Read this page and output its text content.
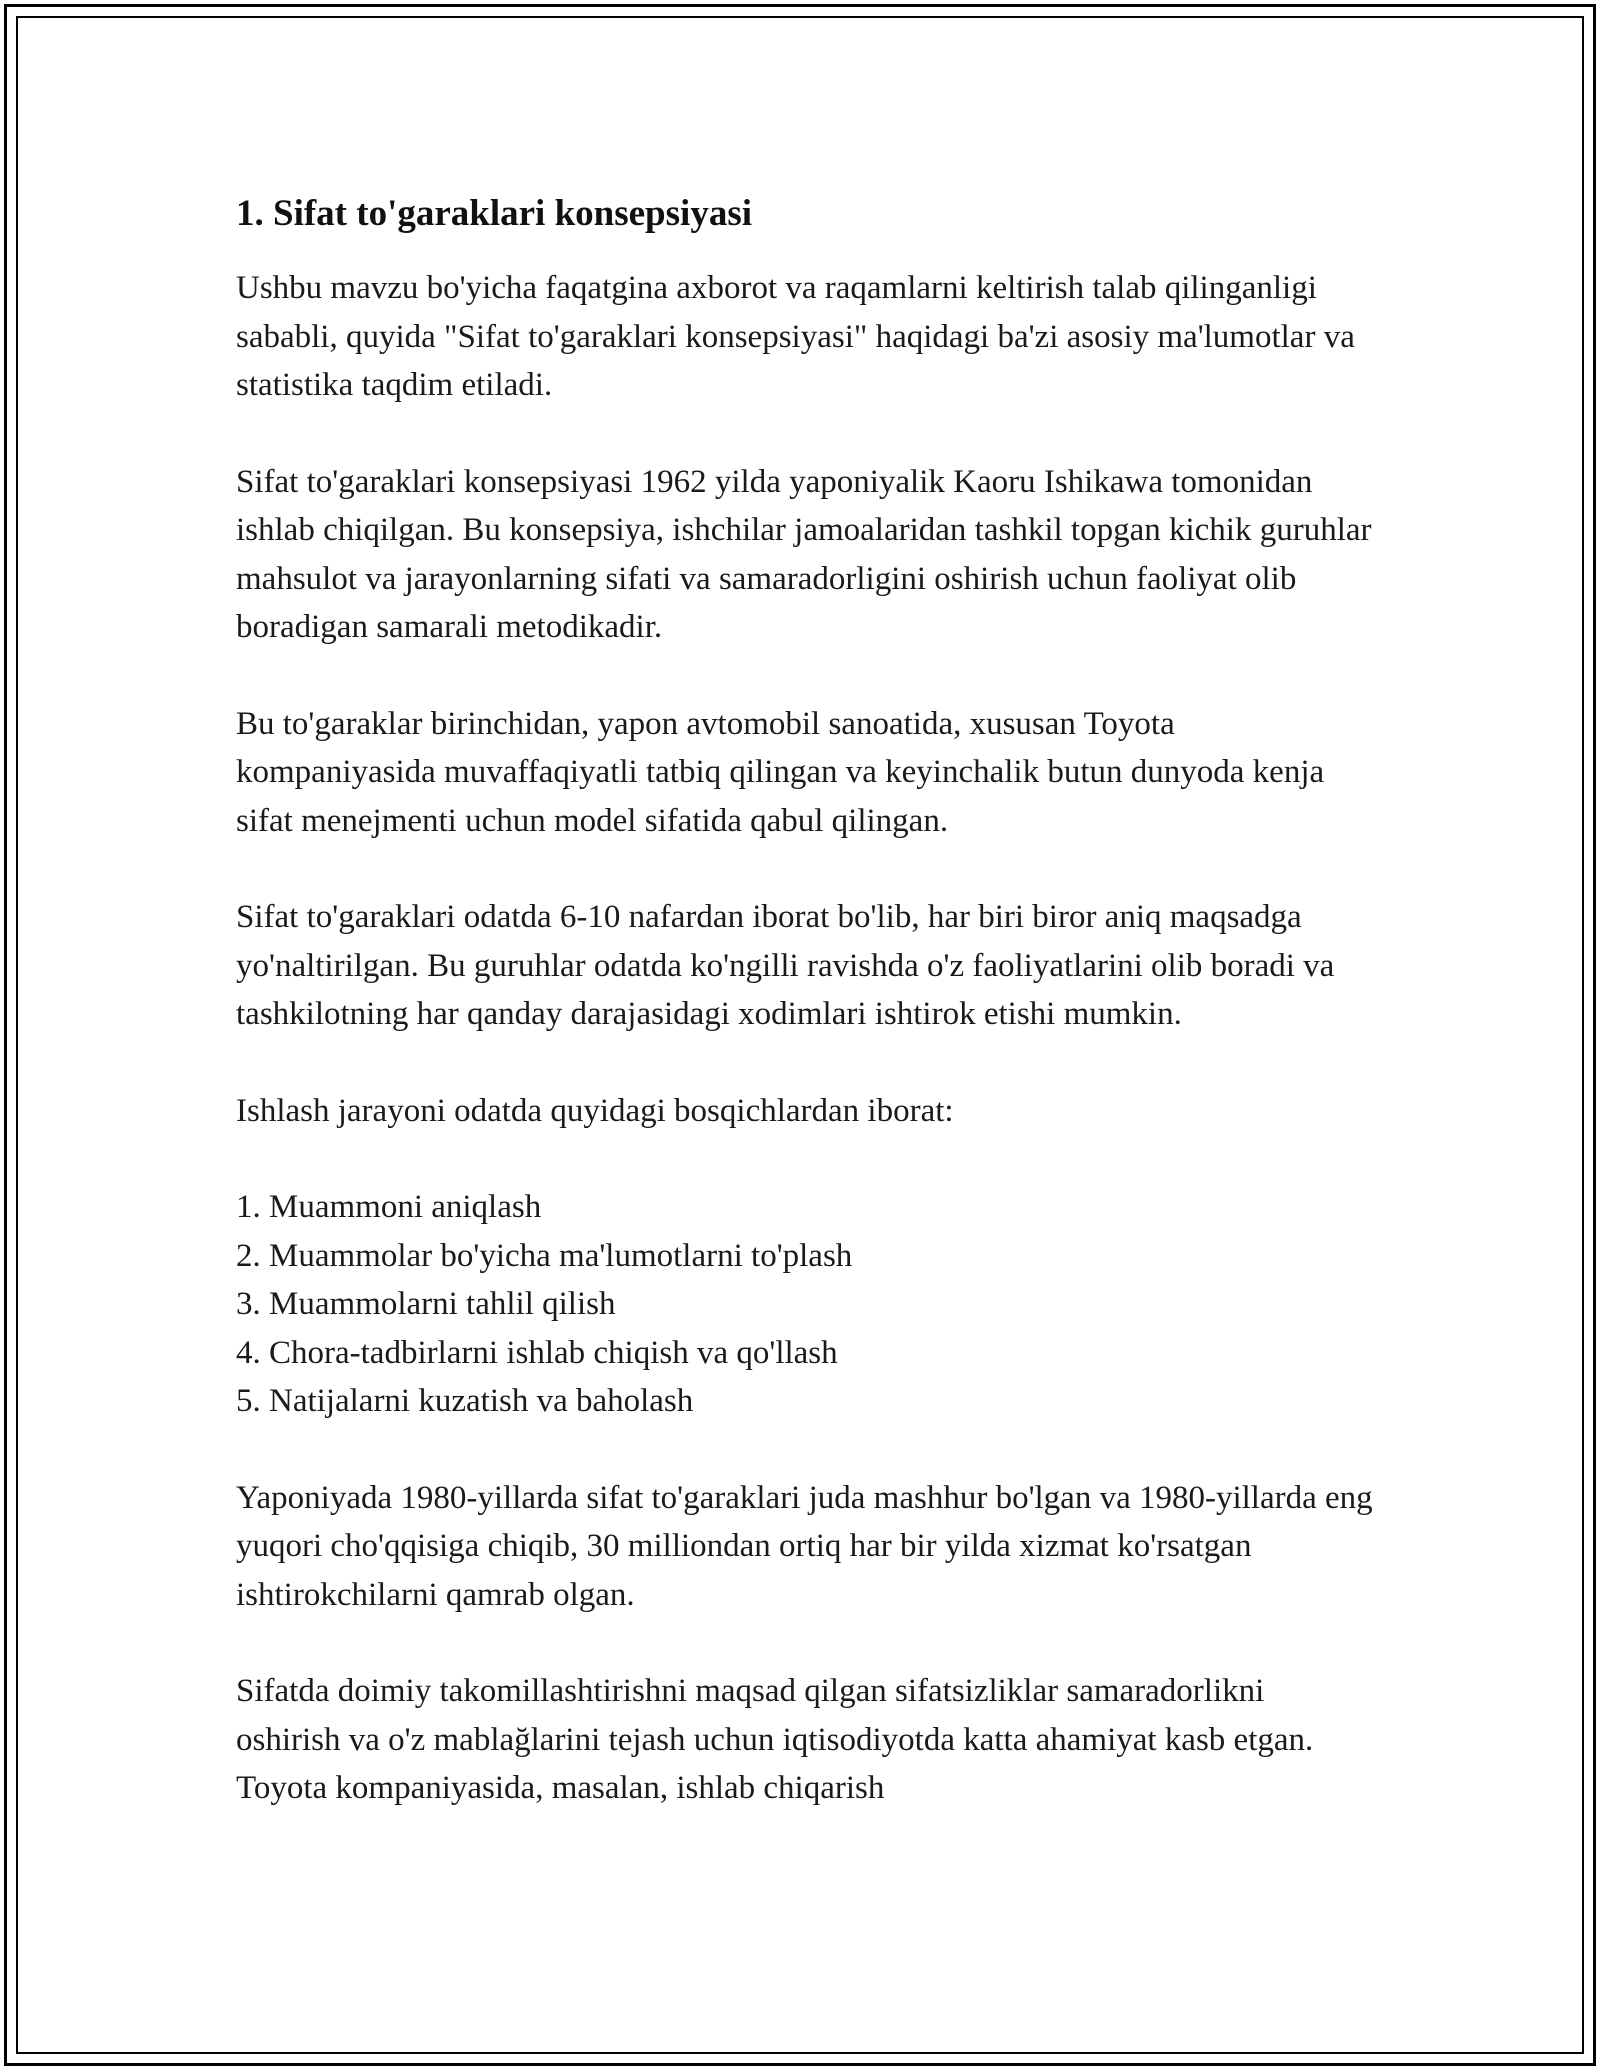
1. Sifat to'garaklari konsepsiyasi

Ushbu mavzu bo'yicha faqatgina axborot va raqamlarni keltirish talab qilinganligi sababli, quyida "Sifat to'garaklari konsepsiyasi" haqidagi ba'zi asosiy ma'lumotlar va statistika taqdim etiladi.

Sifat to'garaklari konsepsiyasi 1962 yilda yaponiyalik Kaoru Ishikawa tomonidan ishlab chiqilgan. Bu konsepsiya, ishchilar jamoalaridan tashkil topgan kichik guruhlar mahsulot va jarayonlarning sifati va samaradorligini oshirish uchun faoliyat olib boradigan samarali metodikadir.

Bu to'garaklar birinchidan, yapon avtomobil sanoatida, xususan Toyota kompaniyasida muvaffaqiyatli tatbiq qilingan va keyinchalik butun dunyoda kenja sifat menejmenti uchun model sifatida qabul qilingan.

Sifat to'garaklari odatda 6-10 nafardan iborat bo'lib, har biri biror aniq maqsadga yo'naltirilgan. Bu guruhlar odatda ko'ngilli ravishda o'z faoliyatlarini olib boradi va tashkilotning har qanday darajasidagi xodimlari ishtirok etishi mumkin.

Ishlash jarayoni odatda quyidagi bosqichlardan iborat:

1. Muammoni aniqlash
2. Muammolar bo'yicha ma'lumotlarni to'plash
3. Muammolarni tahlil qilish
4. Chora-tadbirlarni ishlab chiqish va qo'llash
5. Natijalarni kuzatish va baholash

Yaponiyada 1980-yillarda sifat to'garaklari juda mashhur bo'lgan va 1980-yillarda eng yuqori cho'qqisiga chiqib, 30 milliondan ortiq har bir yilda xizmat ko'rsatgan ishtirokchilarni qamrab olgan.

Sifatda doimiy takomillashtirishni maqsad qilgan sifatsizliklar samaradorlikni oshirish va o'z mablağlarini tejash uchun iqtisodiyotda katta ahamiyat kasb etgan. Toyota kompaniyasida, masalan, ishlab chiqarish
